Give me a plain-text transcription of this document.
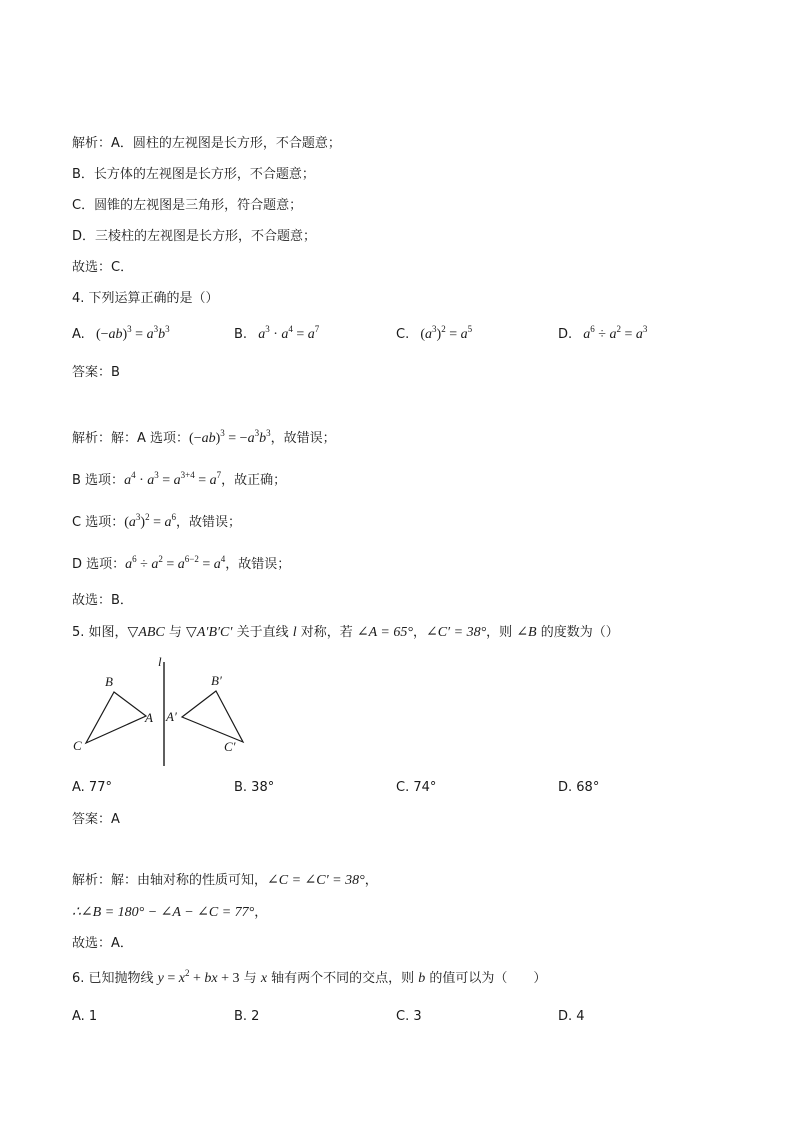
解析：A．圆柱的左视图是长方形，不合题意；
B．长方体的左视图是长方形，不合题意；
C．圆锥的左视图是三角形，符合题意；
D．三棱柱的左视图是长方形，不合题意；
故选：C．
4. 下列运算正确的是（）
A.   $(-ab)^3 = a^3b^3$	B. $a^3 \cdot a^4 = a^7$	C.   $(a^3)^2 = a^5$	D. $a^6 \div a^2 = a^3$
答案：B
解析：解：A 选项：$(-ab)^3 = -a^3b^3$，故错误；
B 选项：$a^4 \cdot a^3 = a^{3+4} = a^7$，故正确；
C 选项：$(a^3)^2 = a^6$，故错误；
D 选项：$a^6 \div a^2 = a^{6-2} = a^4$，故错误；
故选：B．
5. 如图，▽ABC 与 ▽A′B′C′ 关于直线 l 对称，若 ∠A = 65°，∠C′ = 38°，则 ∠B 的度数为（）
l
B
A
C
B′
A′
C′
A. 77°	B. 38°	C. 74°	D. 68°
答案：A
解析：解：由轴对称的性质可知，∠C = ∠C′ = 38°，
∴∠B = 180° − ∠A − ∠C = 77°，
故选：A．
6. 已知抛物线 $y = x^2$ + bx + 3 与 x 轴有两个不同的交点，则 b 的值可以为（　　）
A. 1	B. 2	C. 3	D. 4
